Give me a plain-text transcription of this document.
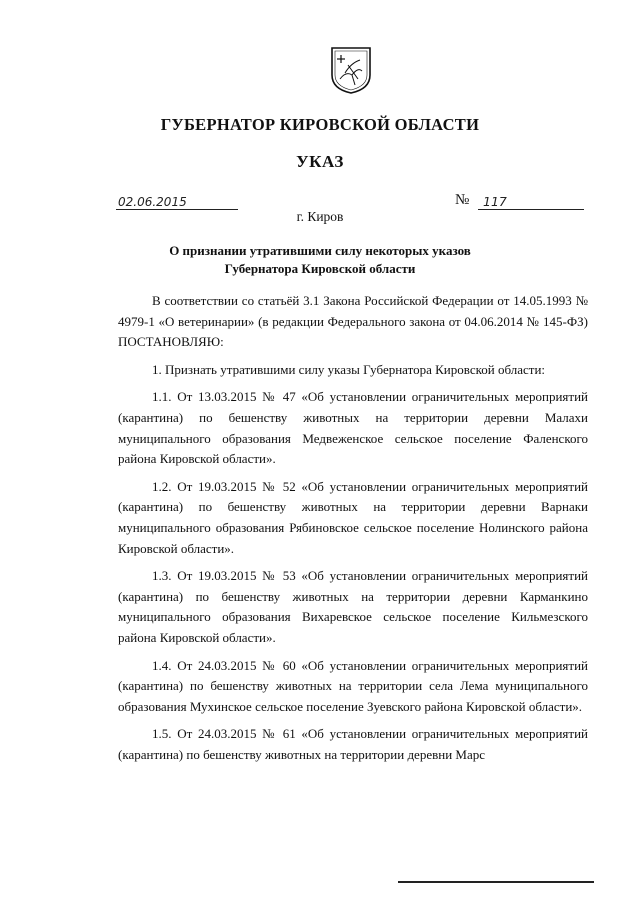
ГУБЕРНАТОР КИРОВСКОЙ ОБЛАСТИ
УКАЗ
02.06.2015	№ 117
г. Киров
О признании утратившими силу некоторых указов
Губернатора Кировской области

В соответствии со статьёй 3.1 Закона Российской Федерации от 14.05.1993 № 4979-1 «О ветеринарии» (в редакции Федерального закона от 04.06.2014 № 145-ФЗ) ПОСТАНОВЛЯЮ:

1. Признать утратившими силу указы Губернатора Кировской области:

1.1. От 13.03.2015 № 47 «Об установлении ограничительных мероприятий (карантина) по бешенству животных на территории деревни Малахи муниципального образования Медвеженское сельское поселение Фаленского района Кировской области».

1.2. От 19.03.2015 № 52 «Об установлении ограничительных мероприятий (карантина) по бешенству животных на территории деревни Варнаки муниципального образования Рябиновское сельское поселение Нолинского района Кировской области».

1.3. От 19.03.2015 № 53 «Об установлении ограничительных мероприятий (карантина) по бешенству животных на территории деревни Карманкино муниципального образования Вихаревское сельское поселение Кильмезского района Кировской области».

1.4. От 24.03.2015 № 60 «Об установлении ограничительных мероприятий (карантина) по бешенству животных на территории села Лема муниципального образования Мухинское сельское поселение Зуевского района Кировской области».

1.5. От 24.03.2015 № 61 «Об установлении ограничительных мероприятий (карантина) по бешенству животных на территории деревни Марс
